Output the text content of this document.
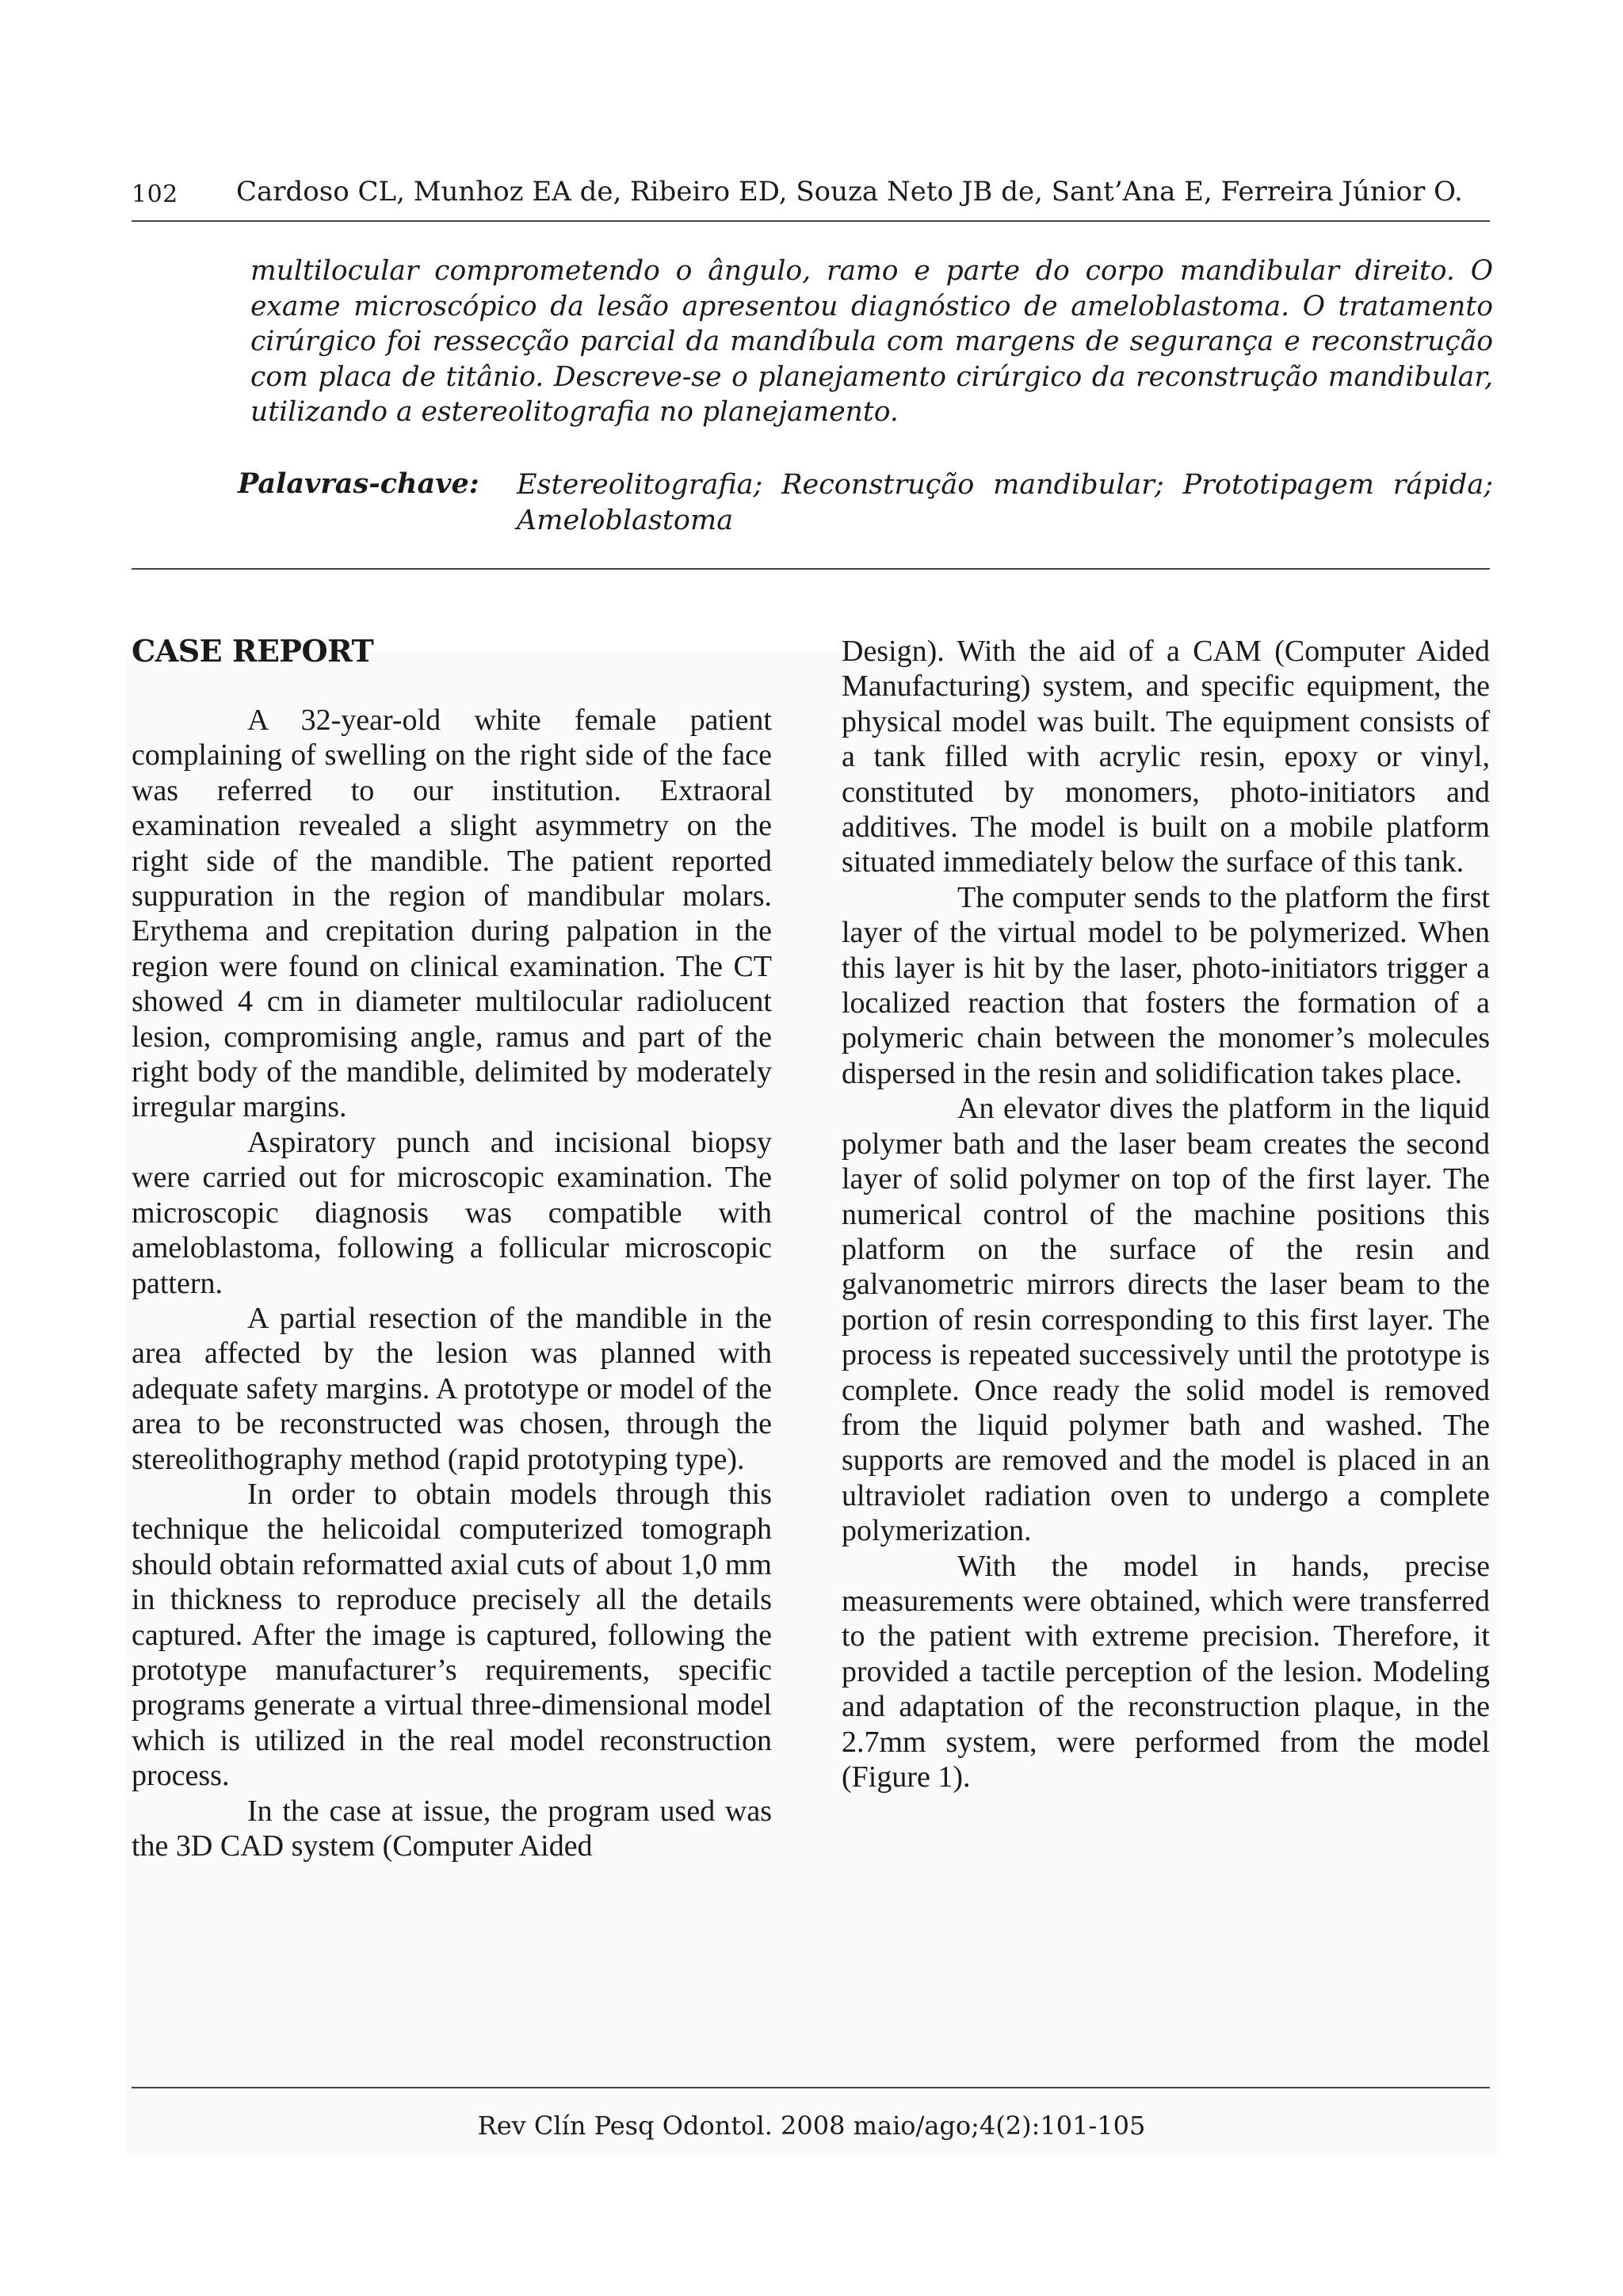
102 Cardoso CL, Munhoz EA de, Ribeiro ED, Souza Neto JB de, Sant’Ana E, Ferreira Júnior O.

multilocular comprometendo o ângulo, ramo e parte do corpo mandibular direito. O exame microscópico da lesão apresentou diagnóstico de ameloblastoma. O tratamento cirúrgico foi ressecção parcial da mandíbula com margens de segurança e reconstrução com placa de titânio. Descreve-se o planejamento cirúrgico da reconstrução mandibular, utilizando a estereolitografia no planejamento.

Palavras-chave: Estereolitografia; Reconstrução mandibular; Prototipagem rápida; Ameloblastoma

CASE REPORT

A 32-year-old white female patient complaining of swelling on the right side of the face was referred to our institution. Extraoral examination revealed a slight asymmetry on the right side of the mandible. The patient reported suppuration in the region of mandibular molars. Erythema and crepitation during palpation in the region were found on clinical examination. The CT showed 4 cm in diameter multilocular radiolucent lesion, compromising angle, ramus and part of the right body of the mandible, delimited by moderately irregular margins.

Aspiratory punch and incisional biopsy were carried out for microscopic examination. The microscopic diagnosis was compatible with ameloblastoma, following a follicular microscopic pattern.

A partial resection of the mandible in the area affected by the lesion was planned with adequate safety margins. A prototype or model of the area to be reconstructed was chosen, through the stereolithography method (rapid prototyping type).

In order to obtain models through this technique the helicoidal computerized tomograph should obtain reformatted axial cuts of about 1,0 mm in thickness to reproduce precisely all the details captured. After the image is captured, following the prototype manufacturer’s requirements, specific programs generate a virtual three-dimensional model which is utilized in the real model reconstruction process.

In the case at issue, the program used was the 3D CAD system (Computer Aided

Design). With the aid of a CAM (Computer Aided Manufacturing) system, and specific equipment, the physical model was built. The equipment consists of a tank filled with acrylic resin, epoxy or vinyl, constituted by monomers, photo-initiators and additives. The model is built on a mobile platform situated immediately below the surface of this tank.

The computer sends to the platform the first layer of the virtual model to be polymerized. When this layer is hit by the laser, photo-initiators trigger a localized reaction that fosters the formation of a polymeric chain between the monomer’s molecules dispersed in the resin and solidification takes place.

An elevator dives the platform in the liquid polymer bath and the laser beam creates the second layer of solid polymer on top of the first layer. The numerical control of the machine positions this platform on the surface of the resin and galvanometric mirrors directs the laser beam to the portion of resin corresponding to this first layer. The process is repeated successively until the prototype is complete. Once ready the solid model is removed from the liquid polymer bath and washed. The supports are removed and the model is placed in an ultraviolet radiation oven to undergo a complete polymerization.

With the model in hands, precise measurements were obtained, which were transferred to the patient with extreme precision. Therefore, it provided a tactile perception of the lesion. Modeling and adaptation of the reconstruction plaque, in the 2.7mm system, were performed from the model (Figure 1).

Rev Clín Pesq Odontol. 2008 maio/ago;4(2):101-105
